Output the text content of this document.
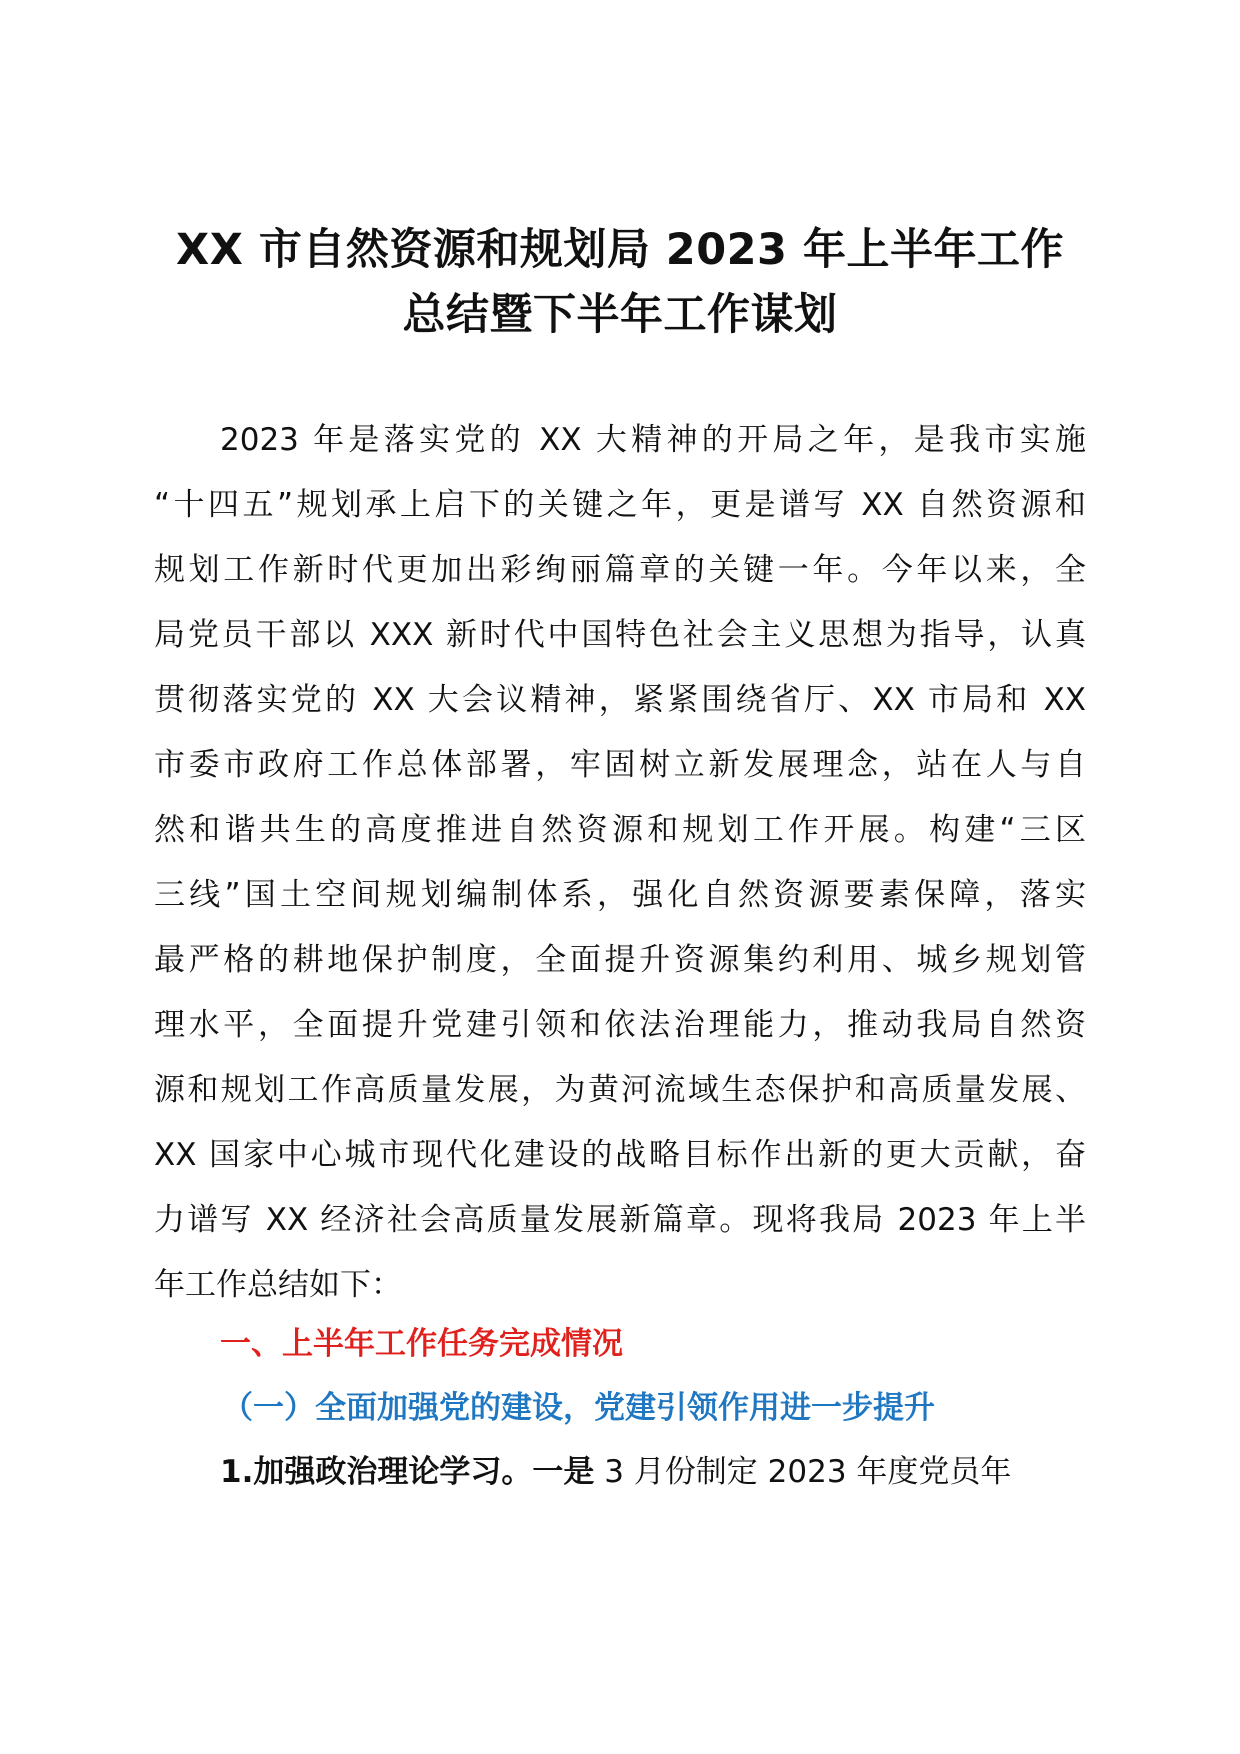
XX 市自然资源和规划局 2023 年上半年工作
总结暨下半年工作谋划
2023 年是落实党的 XX 大精神的开局之年，是我市实施
“十四五”规划承上启下的关键之年，更是谱写 XX 自然资源和
规划工作新时代更加出彩绚丽篇章的关键一年。今年以来，全
局党员干部以 XXX 新时代中国特色社会主义思想为指导，认真
贯彻落实党的 XX 大会议精神，紧紧围绕省厅、XX 市局和 XX
市委市政府工作总体部署，牢固树立新发展理念，站在人与自
然和谐共生的高度推进自然资源和规划工作开展。构建“三区
三线”国土空间规划编制体系，强化自然资源要素保障，落实
最严格的耕地保护制度，全面提升资源集约利用、城乡规划管
理水平，全面提升党建引领和依法治理能力，推动我局自然资
源和规划工作高质量发展，为黄河流域生态保护和高质量发展、
XX 国家中心城市现代化建设的战略目标作出新的更大贡献，奋
力谱写 XX 经济社会高质量发展新篇章。现将我局 2023 年上半
年工作总结如下：
一、上半年工作任务完成情况
（一）全面加强党的建设，党建引领作用进一步提升

1.加强政治理论学习。一是 3 月份制定 2023 年度党员年
